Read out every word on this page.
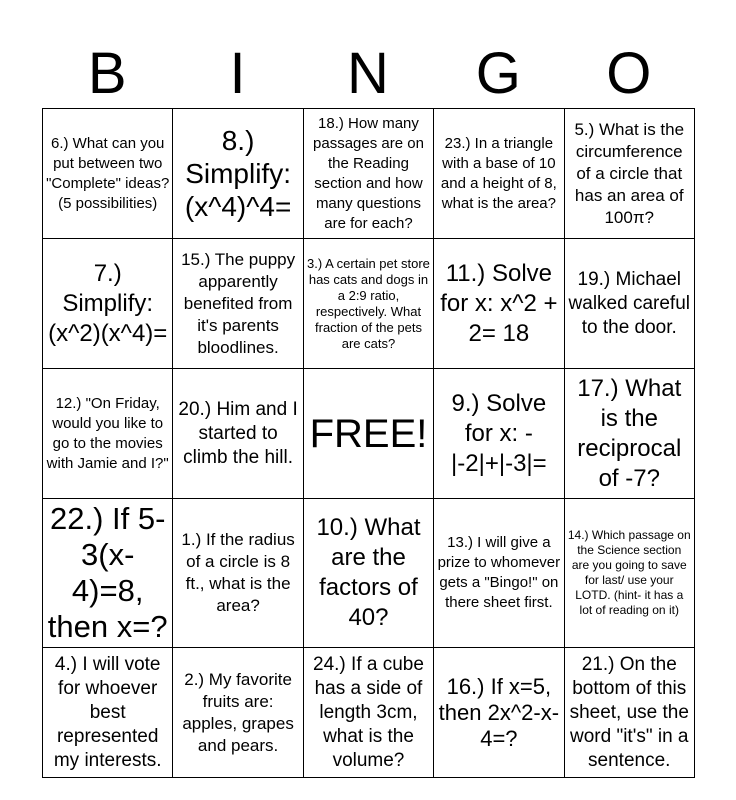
B	I	N	G	O
6.) What can you put between two "Complete" ideas? (5 possibilities)	8.) Simplify: (x^4)^4=	18.) How many passages are on the Reading section and how many questions are for each?	23.) In a triangle with a base of 10 and a height of 8, what is the area?	5.) What is the circumference of a circle that has an area of 100π?
7.) Simplify: (x^2)(x^4)=	15.) The puppy apparently benefited from it's parents bloodlines.	3.) A certain pet store has cats and dogs in a 2:9 ratio, respectively. What fraction of the pets are cats?	11.) Solve for x: x^2 + 2= 18	19.) Michael walked careful to the door.
12.) "On Friday, would you like to go to the movies with Jamie and I?"	20.) Him and I started to climb the hill.	FREE!	9.) Solve for x: -|-2|+|-3|=	17.) What is the reciprocal of -7?
22.) If 5-3(x-4)=8, then x=?	1.) If the radius of a circle is 8 ft., what is the area?	10.) What are the factors of 40?	13.) I will give a prize to whomever gets a "Bingo!" on there sheet first.	14.) Which passage on the Science section are you going to save for last/ use your LOTD. (hint- it has a lot of reading on it)
4.) I will vote for whoever best represented my interests.	2.) My favorite fruits are: apples, grapes and pears.	24.) If a cube has a side of length 3cm, what is the volume?	16.) If x=5, then 2x^2-x-4=?	21.) On the bottom of this sheet, use the word "it's" in a sentence.
